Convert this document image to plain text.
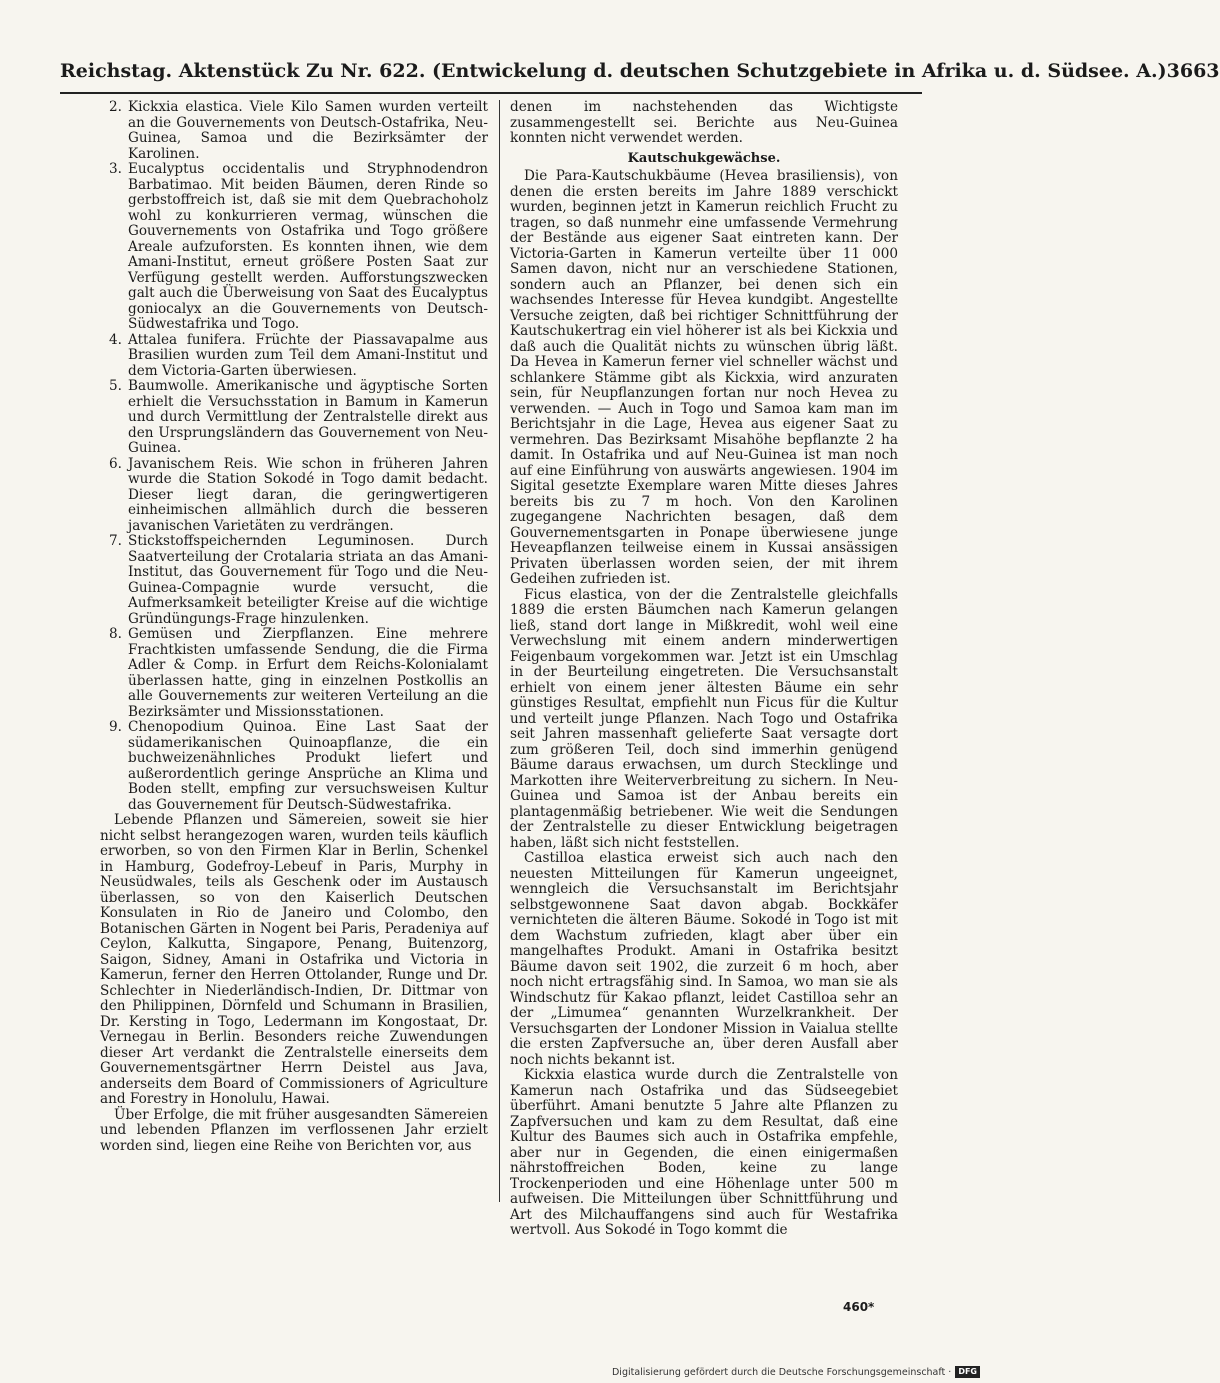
Reichstag. Aktenstück Zu Nr. 622. (Entwickelung d. deutschen Schutzgebiete in Afrika u. d. Südsee. A.) 3663
2. Kickxia elastica. Viele Kilo Samen wurden verteilt an die Gouvernements von Deutsch-Ostafrika, Neu-Guinea, Samoa und die Bezirksämter der Karolinen.
3. Eucalyptus occidentalis und Stryphnodendron Barbatimao. Mit beiden Bäumen, deren Rinde so gerbstoffreich ist, daß sie mit dem Quebrachoholz wohl zu konkurrieren vermag, wünschen die Gouvernements von Ostafrika und Togo größere Areale aufzuforsten. Es konnten ihnen, wie dem Amani-Institut, erneut größere Posten Saat zur Verfügung gestellt werden. Aufforstungszwecken galt auch die Überweisung von Saat des Eucalyptus goniocalyx an die Gouvernements von Deutsch-Südwestafrika und Togo.
4. Attalea funifera. Früchte der Piassavapalme aus Brasilien wurden zum Teil dem Amani-Institut und dem Victoria-Garten überwiesen.
5. Baumwolle. Amerikanische und ägyptische Sorten erhielt die Versuchsstation in Bamum in Kamerun und durch Vermittlung der Zentralstelle direkt aus den Ursprungsländern das Gouvernement von Neu-Guinea.
6. Javanischem Reis. Wie schon in früheren Jahren wurde die Station Sokodé in Togo damit bedacht. Dieser liegt daran, die geringwertigeren einheimischen allmählich durch die besseren javanischen Varietäten zu verdrängen.
7. Stickstoffspeichernden Leguminosen. Durch Saatverteilung der Crotalaria striata an das Amani-Institut, das Gouvernement für Togo und die Neu-Guinea-Compagnie wurde versucht, die Aufmerksamkeit beteiligter Kreise auf die wichtige Gründüngungs-Frage hinzulenken.
8. Gemüsen und Zierpflanzen. Eine mehrere Frachtkisten umfassende Sendung, die die Firma Adler & Comp. in Erfurt dem Reichs-Kolonialamt überlassen hatte, ging in einzelnen Postkollis an alle Gouvernements zur weiteren Verteilung an die Bezirksämter und Missionsstationen.
9. Chenopodium Quinoa. Eine Last Saat der südamerikanischen Quinoapflanze, die ein buchweizenähnliches Produkt liefert und außerordentlich geringe Ansprüche an Klima und Boden stellt, empfing zur versuchsweisen Kultur das Gouvernement für Deutsch-Südwestafrika.

Lebende Pflanzen und Sämereien, soweit sie hier nicht selbst herangezogen waren, wurden teils käuflich erworben, so von den Firmen Klar in Berlin, Schenkel in Hamburg, Godefroy-Lebeuf in Paris, Murphy in Neusüdwales, teils als Geschenk oder im Austausch überlassen, so von den Kaiserlich Deutschen Konsulaten in Rio de Janeiro und Colombo, den Botanischen Gärten in Nogent bei Paris, Peradeniya auf Ceylon, Kalkutta, Singapore, Penang, Buitenzorg, Saigon, Sidney, Amani in Ostafrika und Victoria in Kamerun, ferner den Herren Ottolander, Runge und Dr. Schlechter in Niederländisch-Indien, Dr. Dittmar von den Philippinen, Dörnfeld und Schumann in Brasilien, Dr. Kersting in Togo, Ledermann im Kongostaat, Dr. Vernegau in Berlin. Besonders reiche Zuwendungen dieser Art verdankt die Zentralstelle einerseits dem Gouvernementsgärtner Herrn Deistel aus Java, anderseits dem Board of Commissioners of Agriculture and Forestry in Honolulu, Hawai.

Über Erfolge, die mit früher ausgesandten Sämereien und lebenden Pflanzen im verflossenen Jahr erzielt worden sind, liegen eine Reihe von Berichten vor, aus

denen im nachstehenden das Wichtigste zusammengestellt sei. Berichte aus Neu-Guinea konnten nicht verwendet werden.

Kautschukgewächse.

Die Para-Kautschukbäume (Hevea brasiliensis), von denen die ersten bereits im Jahre 1889 verschickt wurden, beginnen jetzt in Kamerun reichlich Frucht zu tragen, so daß nunmehr eine umfassende Vermehrung der Bestände aus eigener Saat eintreten kann. Der Victoria-Garten in Kamerun verteilte über 11 000 Samen davon, nicht nur an verschiedene Stationen, sondern auch an Pflanzer, bei denen sich ein wachsendes Interesse für Hevea kundgibt. Angestellte Versuche zeigten, daß bei richtiger Schnittführung der Kautschukertrag ein viel höherer ist als bei Kickxia und daß auch die Qualität nichts zu wünschen übrig läßt. Da Hevea in Kamerun ferner viel schneller wächst und schlankere Stämme gibt als Kickxia, wird anzuraten sein, für Neupflanzungen fortan nur noch Hevea zu verwenden. — Auch in Togo und Samoa kam man im Berichtsjahr in die Lage, Hevea aus eigener Saat zu vermehren. Das Bezirksamt Misahöhe bepflanzte 2 ha damit. In Ostafrika und auf Neu-Guinea ist man noch auf eine Einführung von auswärts angewiesen. 1904 im Sigital gesetzte Exemplare waren Mitte dieses Jahres bereits bis zu 7 m hoch. Von den Karolinen zugegangene Nachrichten besagen, daß dem Gouvernementsgarten in Ponape überwiesene junge Heveapflanzen teilweise einem in Kussai ansässigen Privaten überlassen worden seien, der mit ihrem Gedeihen zufrieden ist.

Ficus elastica, von der die Zentralstelle gleichfalls 1889 die ersten Bäumchen nach Kamerun gelangen ließ, stand dort lange in Mißkredit, wohl weil eine Verwechslung mit einem andern minderwertigen Feigenbaum vorgekommen war. Jetzt ist ein Umschlag in der Beurteilung eingetreten. Die Versuchsanstalt erhielt von einem jener ältesten Bäume ein sehr günstiges Resultat, empfiehlt nun Ficus für die Kultur und verteilt junge Pflanzen. Nach Togo und Ostafrika seit Jahren massenhaft gelieferte Saat versagte dort zum größeren Teil, doch sind immerhin genügend Bäume daraus erwachsen, um durch Stecklinge und Markotten ihre Weiterverbreitung zu sichern. In Neu-Guinea und Samoa ist der Anbau bereits ein plantagenmäßig betriebener. Wie weit die Sendungen der Zentralstelle zu dieser Entwicklung beigetragen haben, läßt sich nicht feststellen.

Castilloa elastica erweist sich auch nach den neuesten Mitteilungen für Kamerun ungeeignet, wenngleich die Versuchsanstalt im Berichtsjahr selbstgewonnene Saat davon abgab. Bockkäfer vernichteten die älteren Bäume. Sokodé in Togo ist mit dem Wachstum zufrieden, klagt aber über ein mangelhaftes Produkt. Amani in Ostafrika besitzt Bäume davon seit 1902, die zurzeit 6 m hoch, aber noch nicht ertragsfähig sind. In Samoa, wo man sie als Windschutz für Kakao pflanzt, leidet Castilloa sehr an der „Limumea“ genannten Wurzelkrankheit. Der Versuchsgarten der Londoner Mission in Vaialua stellte die ersten Zapfversuche an, über deren Ausfall aber noch nichts bekannt ist.

Kickxia elastica wurde durch die Zentralstelle von Kamerun nach Ostafrika und das Südseegebiet überführt. Amani benutzte 5 Jahre alte Pflanzen zu Zapfversuchen und kam zu dem Resultat, daß eine Kultur des Baumes sich auch in Ostafrika empfehle, aber nur in Gegenden, die einen einigermaßen nährstoffreichen Boden, keine zu lange Trockenperioden und eine Höhenlage unter 500 m aufweisen. Die Mitteilungen über Schnittführung und Art des Milchauffangens sind auch für Westafrika wertvoll. Aus Sokodé in Togo kommt die

460*
Digitalisierung gefördert durch die Deutsche Forschungsgemeinschaft · DFG
